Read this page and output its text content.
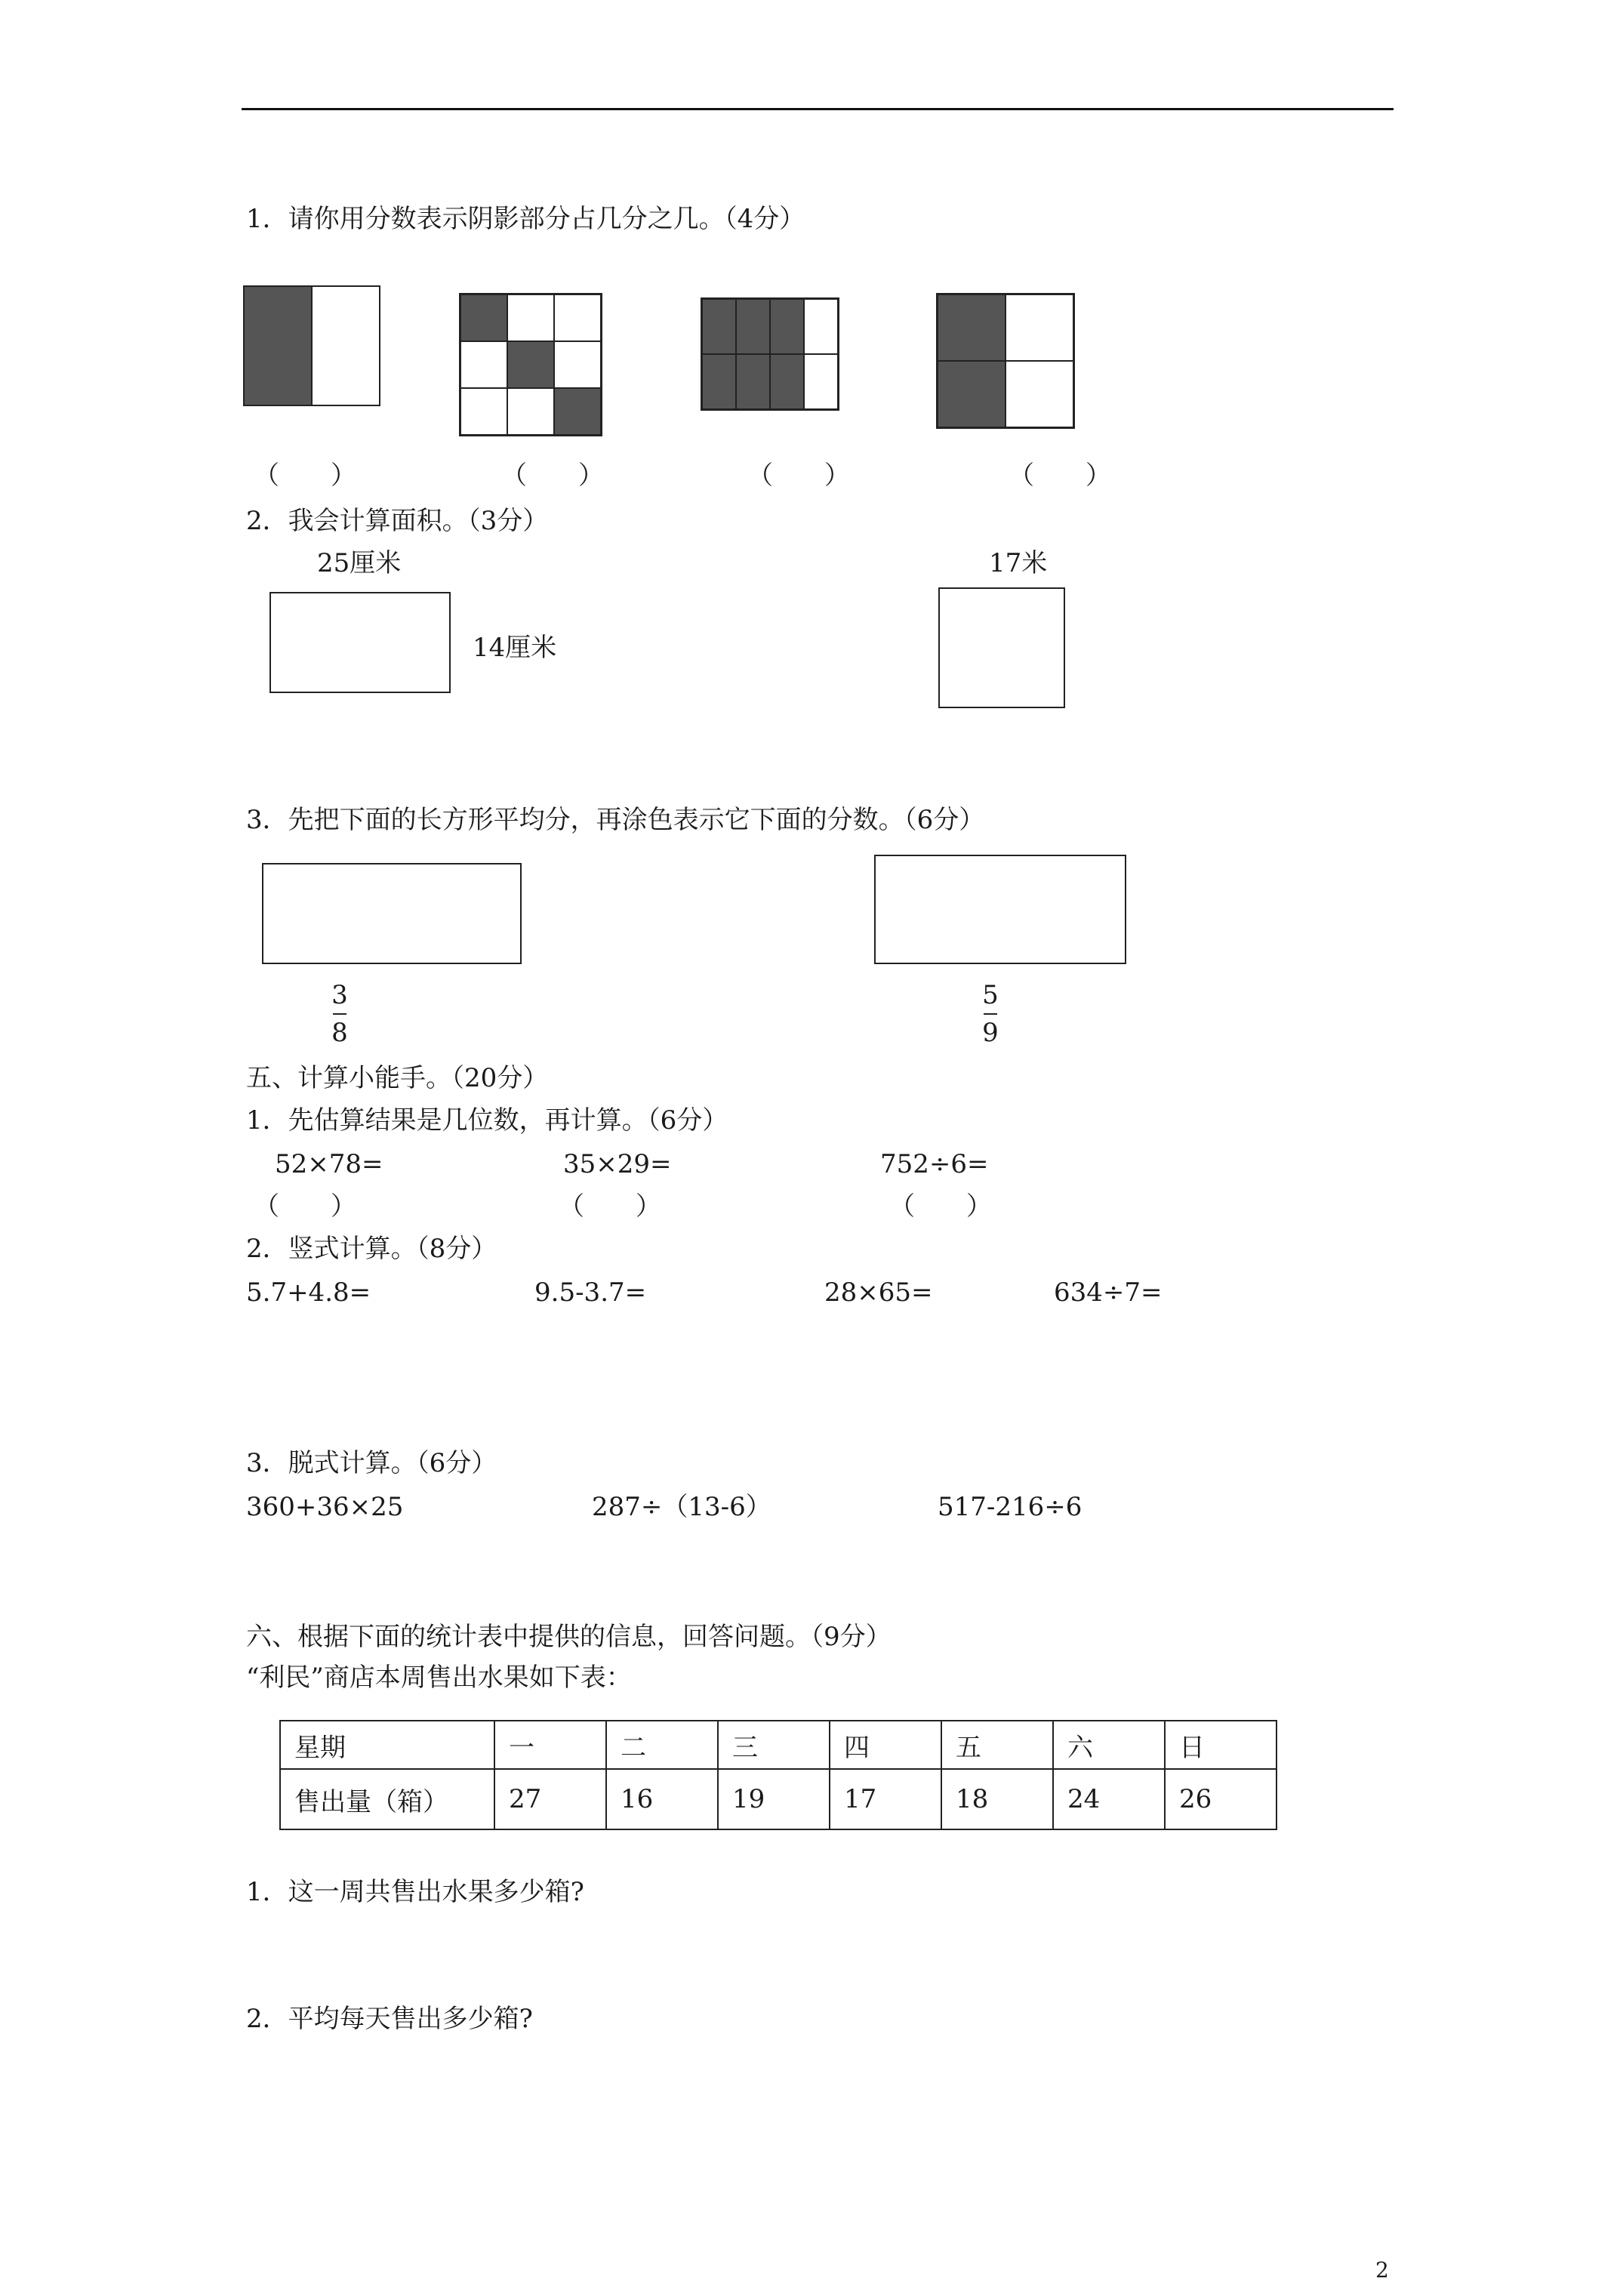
1．请你用分数表示阴影部分占几分之几。（4分）
（　　）	（　　）	（　　）	（　　）
2．我会计算面积。（3分）
25厘米
14厘米
17米
3．先把下面的长方形平均分，再涂色表示它下面的分数。（6分）
3
8
5
9
五、计算小能手。（20分）
1．先估算结果是几位数，再计算。（6分）
52×78=	35×29=	752÷6=
（　　）	（　　）	（　　）
2．竖式计算。（8分）
5.7+4.8=	9.5-3.7=	28×65=	634÷7=
3．脱式计算。（6分）
360+36×25	287÷（13-6）	517-216÷6
六、根据下面的统计表中提供的信息，回答问题。（9分）
“利民”商店本周售出水果如下表：
星期	一	二	三	四	五	六	日
售出量（箱）	27	16	19	17	18	24	26
1．这一周共售出水果多少箱?
2．平均每天售出多少箱?
2
